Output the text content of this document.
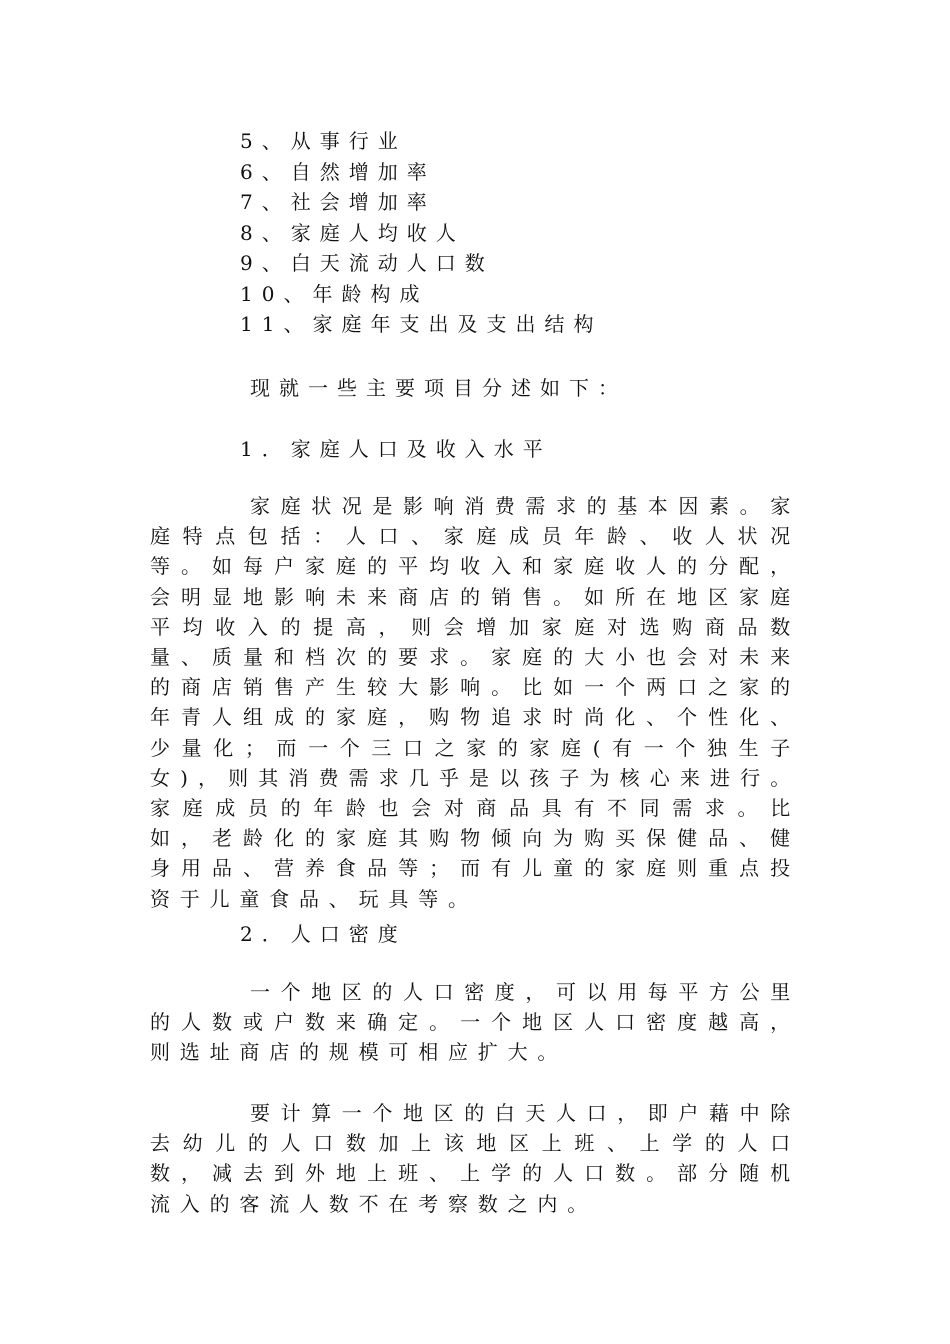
5、从事行业
6、自然增加率
7、社会增加率
8、家庭人均收人
9、白天流动人口数
10、年龄构成
11、家庭年支出及支出结构

现就一些主要项目分述如下：

1．家庭人口及收入水平

家庭状况是影响消费需求的基本因素。家庭特点包括：人口、家庭成员年龄、收人状况等。如每户家庭的平均收入和家庭收人的分配，会明显地影响未来商店的销售。如所在地区家庭平均收入的提高，则会增加家庭对选购商品数量、质量和档次的要求。家庭的大小也会对未来的商店销售产生较大影响。比如一个两口之家的年青人组成的家庭，购物追求时尚化、个性化、少量化；而一个三口之家的家庭(有一个独生子女)，则其消费需求几乎是以孩子为核心来进行。家庭成员的年龄也会对商品具有不同需求。比如，老龄化的家庭其购物倾向为购买保健品、健身用品、营养食品等；而有儿童的家庭则重点投资于儿童食品、玩具等。

2．人口密度

一个地区的人口密度，可以用每平方公里的人数或户数来确定。一个地区人口密度越高，则选址商店的规模可相应扩大。

要计算一个地区的白天人口，即户藉中除去幼儿的人口数加上该地区上班、上学的人口数，减去到外地上班、上学的人口数。部分随机流入的客流人数不在考察数之内。
